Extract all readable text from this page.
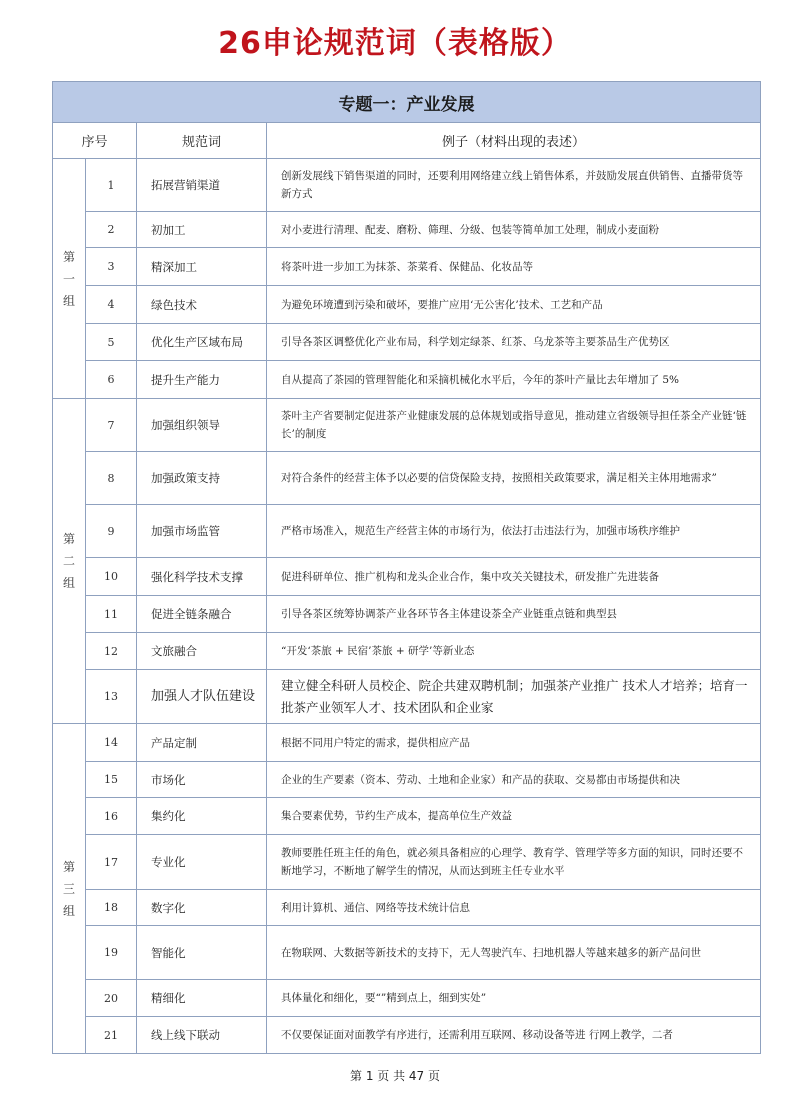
26申论规范词（表格版）
专题一：产业发展			
序号		规范词	例子（材料出现的表述）
第一组	1	拓展营销渠道	创新发展线下销售渠道的同时，还要利用网络建立线上销售体系，并鼓励发展直供销售、直播带货等新方式
	2	初加工	对小麦进行清理、配麦、磨粉、筛理、分级、包装等简单加工处理，制成小麦面粉
	3	精深加工	将茶叶进一步加工为抹茶、茶菜肴、保健品、化妆品等
	4	绿色技术	为避免环境遭到污染和破坏，要推广应用‘无公害化’技术、工艺和产品
	5	优化生产区域布局	引导各茶区调整优化产业布局，科学划定绿茶、红茶、乌龙茶等主要茶品生产优势区
	6	提升生产能力	自从提高了茶园的管理智能化和采摘机械化水平后，今年的茶叶产量比去年增加了 5%
第二组	7	加强组织领导	茶叶主产省要制定促进茶产业健康发展的总体规划或指导意见，推动建立省级领导担任茶全产业链‘链长’的制度
	8	加强政策支持	对符合条件的经营主体予以必要的信贷保险支持，按照相关政策要求，满足相关主体用地需求”
	9	加强市场监管	严格市场准入，规范生产经营主体的市场行为，依法打击违法行为，加强市场秩序维护
	10	强化科学技术支撑	促进科研单位、推广机构和龙头企业合作，集中攻关关键技术，研发推广先进装备
	11	促进全链条融合	引导各茶区统筹协调茶产业各环节各主体建设茶全产业链重点链和典型县
	12	文旅融合	“开发‘茶旅 + 民宿’茶旅 + 研学’等新业态
	13	加强人才队伍建设	建立健全科研人员校企、院企共建双聘机制；加强茶产业推广 技术人才培养；培育一批茶产业领军人才、技术团队和企业家
第三组	14	产品定制	根据不同用户特定的需求，提供相应产品
	15	市场化	企业的生产要素（资本、劳动、土地和企业家）和产品的获取、交易都由市场提供和决
	16	集约化	集合要素优势，节约生产成本，提高单位生产效益
	17	专业化	教师要胜任班主任的角色，就必须具备相应的心理学、教育学、管理学等多方面的知识，同时还要不断地学习，不断地了解学生的情况，从而达到班主任专业水平
	18	数字化	利用计算机、通信、网络等技术统计信息
	19	智能化	在物联网、大数据等新技术的支持下，无人驾驶汽车、扫地机器人等越来越多的新产品问世
	20	精细化	具体量化和细化，要“”精到点上，细到实处”
	21	线上线下联动	不仅要保证面对面教学有序进行，还需利用互联网、移动设备等进 行网上教学，二者
第 1 页 共 47 页
